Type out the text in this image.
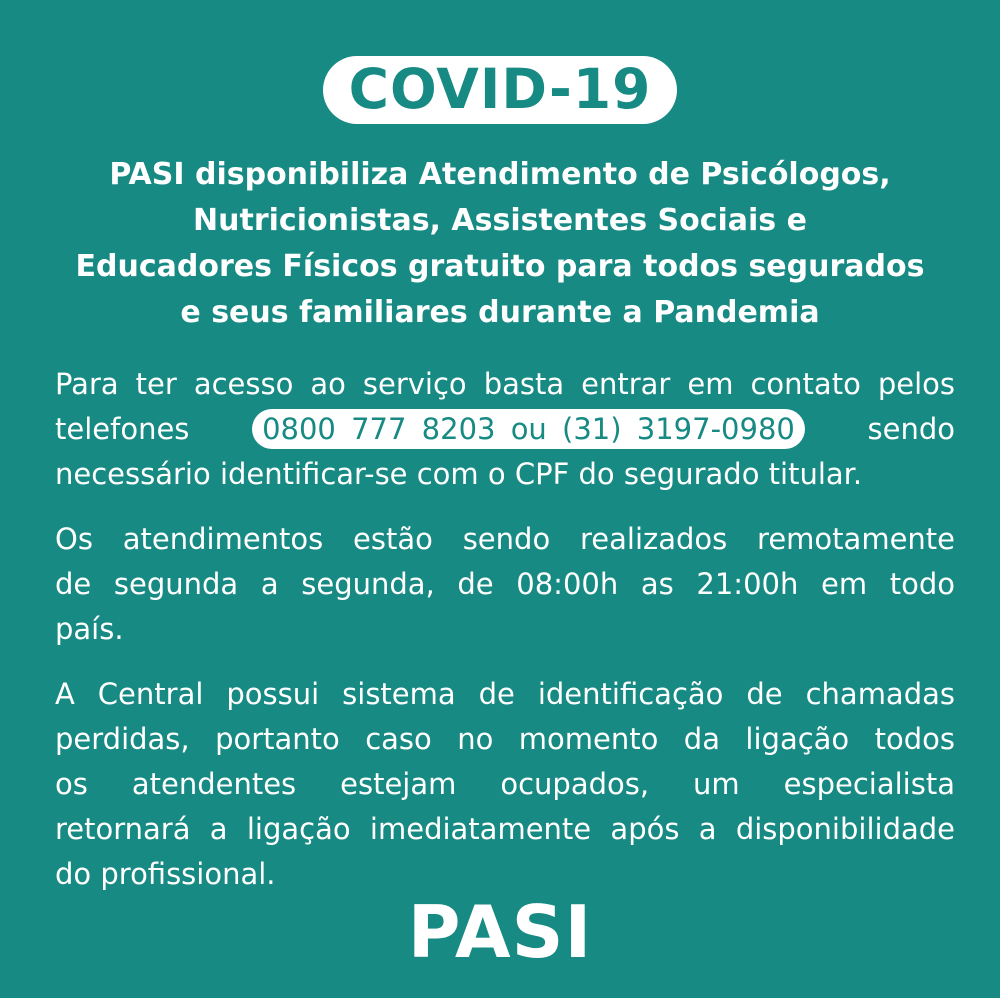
COVID-19
PASI disponibiliza Atendimento de Psicólogos,
Nutricionistas, Assistentes Sociais e
Educadores Físicos gratuito para todos segurados
e seus familiares durante a Pandemia
Para ter acesso ao serviço basta entrar em contato pelos
telefones	0800 777 8203 ou (31) 3197-0980	sendo
necessário identificar-se com o CPF do segurado titular.
Os atendimentos estão sendo realizados remotamente
de segunda a segunda, de 08:00h as 21:00h em todo
país.
A Central possui sistema de identificação de chamadas
perdidas, portanto caso no momento da ligação todos
os atendentes estejam ocupados, um especialista
retornará a ligação imediatamente após a disponibilidade
do profissional.
PASI
